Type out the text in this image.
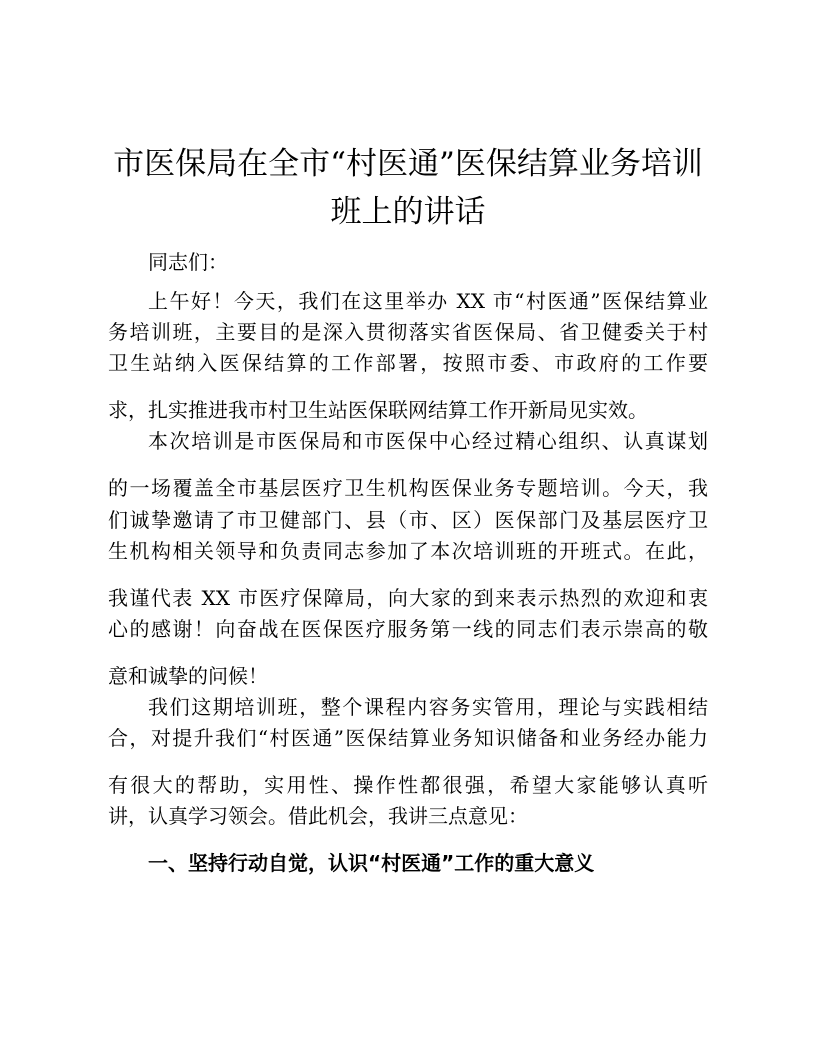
市医保局在全市“村医通”医保结算业务培训
班上的讲话
同志们：
上午好！今天，我们在这里举办 XX 市“村医通”医保结算业
务培训班，主要目的是深入贯彻落实省医保局、省卫健委关于村
卫生站纳入医保结算的工作部署，按照市委、市政府的工作要
求，扎实推进我市村卫生站医保联网结算工作开新局见实效。
本次培训是市医保局和市医保中心经过精心组织、认真谋划
的一场覆盖全市基层医疗卫生机构医保业务专题培训。今天，我
们诚挚邀请了市卫健部门、县（市、区）医保部门及基层医疗卫
生机构相关领导和负责同志参加了本次培训班的开班式。在此，
我谨代表 XX 市医疗保障局，向大家的到来表示热烈的欢迎和衷
心的感谢！向奋战在医保医疗服务第一线的同志们表示崇高的敬
意和诚挚的问候！
我们这期培训班，整个课程内容务实管用，理论与实践相结
合，对提升我们“村医通”医保结算业务知识储备和业务经办能力
有很大的帮助，实用性、操作性都很强，希望大家能够认真听
讲，认真学习领会。借此机会，我讲三点意见：
一、坚持行动自觉，认识“村医通”工作的重大意义
